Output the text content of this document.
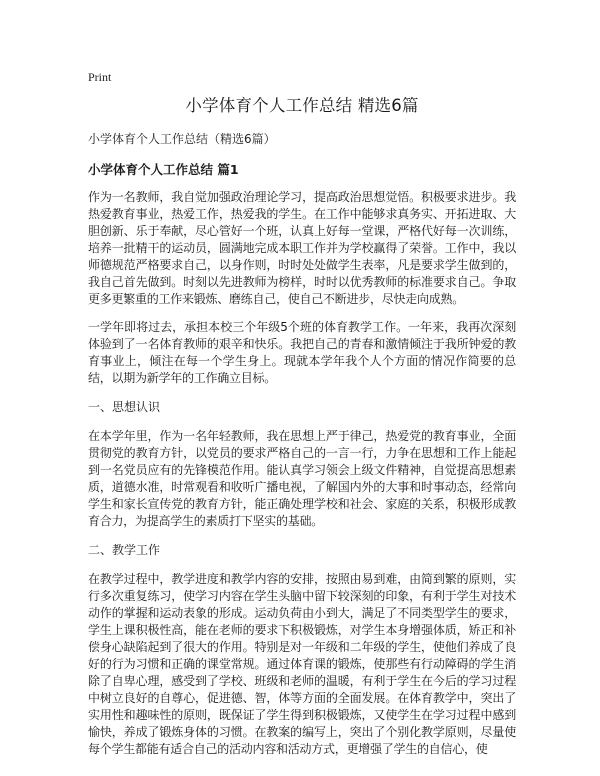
Print
小学体育个人工作总结 精选6篇
小学体育个人工作总结（精选6篇）
小学体育个人工作总结 篇1

作为一名教师，我自觉加强政治理论学习，提高政治思想觉悟。积极要求进步。我热爱教育事业，热爱工作，热爱我的学生。在工作中能够求真务实、开拓进取、大胆创新、乐于奉献，尽心管好一个班，认真上好每一堂课，严格代好每一次训练，培养一批精干的运动员，圆满地完成本职工作并为学校赢得了荣誉。工作中，我以师德规范严格要求自己，以身作则，时时处处做学生表率，凡是要求学生做到的，我自己首先做到。时刻以先进教师为榜样，时时以优秀教师的标准要求自己。争取更多更繁重的工作来锻炼、磨练自己，使自己不断进步，尽快走向成熟。

一学年即将过去，承担本校三个年级5个班的体育教学工作。一年来，我再次深刻体验到了一名体育教师的艰辛和快乐。我把自己的青春和激情倾注于我所钟爱的教育事业上，倾注在每一个学生身上。现就本学年我个人个方面的情况作简要的总结，以期为新学年的工作确立目标。

一、思想认识

在本学年里，作为一名年轻教师，我在思想上严于律己，热爱党的教育事业，全面贯彻党的教育方针，以党员的要求严格自己的一言一行，力争在思想和工作上能起到一名党员应有的先锋模范作用。能认真学习领会上级文件精神，自觉提高思想素质，道德水准，时常观看和收听广播电视，了解国内外的大事和时事动态，经常向学生和家长宣传党的教育方针，能正确处理学校和社会、家庭的关系，积极形成教育合力，为提高学生的素质打下坚实的基础。

二、教学工作

在教学过程中，教学进度和教学内容的安排，按照由易到难，由简到繁的原则，实行多次重复练习，使学习内容在学生头脑中留下较深刻的印象，有利于学生对技术动作的掌握和运动表象的形成。运动负荷由小到大，满足了不同类型学生的要求，学生上课积极性高，能在老师的要求下积极锻炼，对学生本身增强体质，矫正和补偿身心缺陷起到了很大的作用。特别是对一年级和二年级的学生，使他们养成了良好的行为习惯和正确的课堂常规。通过体育课的锻炼，使那些有行动障碍的学生消除了自卑心理，感受到了学校、班级和老师的温暖，有利于学生在今后的学习过程中树立良好的自尊心，促进德、智，体等方面的全面发展。在体育教学中，突出了实用性和趣味性的原则，既保证了学生得到积极锻炼，又使学生在学习过程中感到愉快，养成了锻炼身体的习惯。在教案的编写上，突出了个别化教学原则，尽量使每个学生都能有适合自己的活动内容和活动方式，更增强了学生的自信心，使
